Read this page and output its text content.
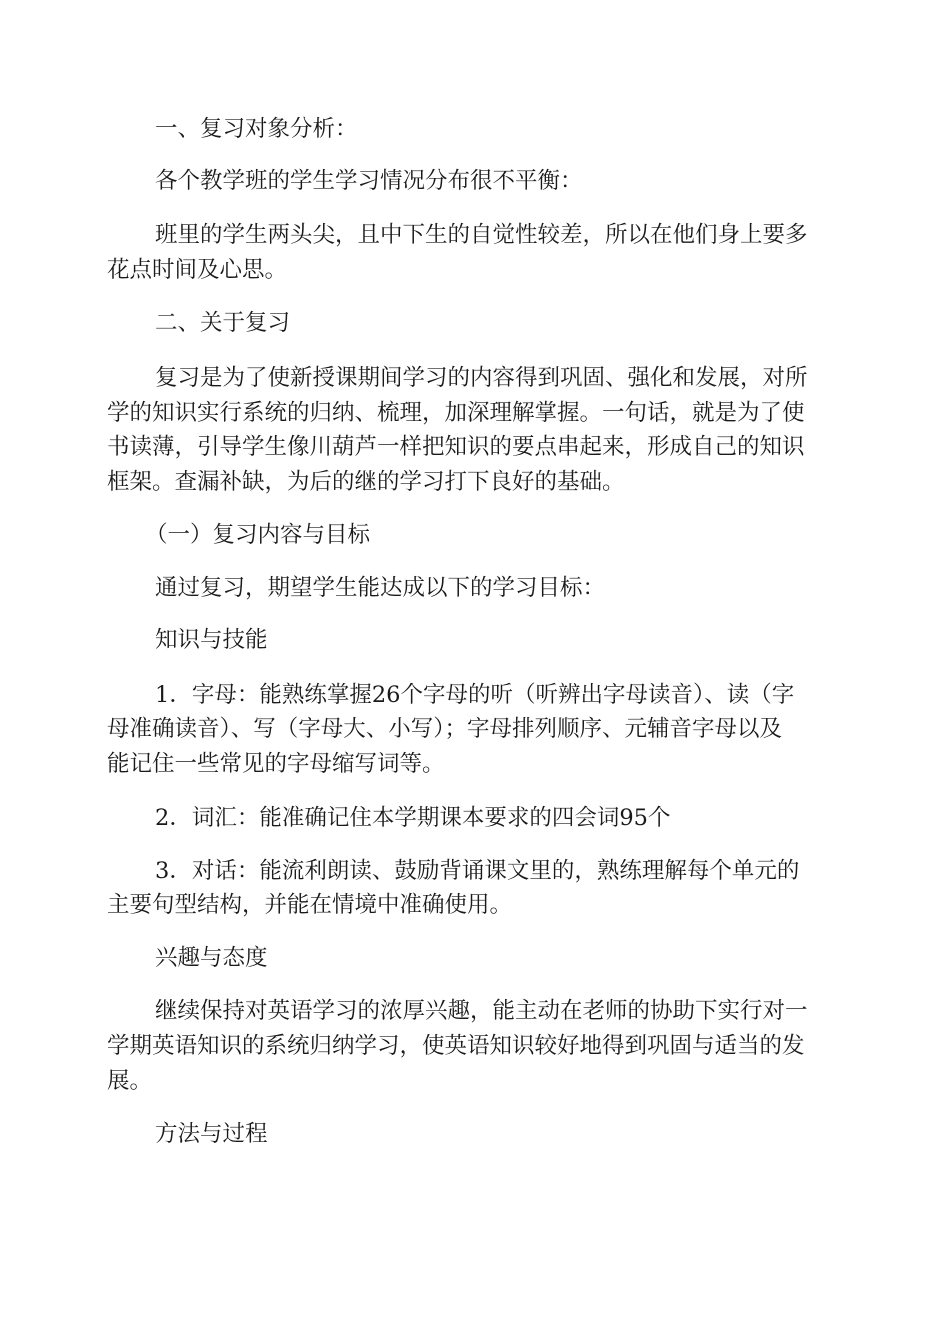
一、复习对象分析：
各个教学班的学生学习情况分布很不平衡：
班里的学生两头尖，且中下生的自觉性较差，所以在他们身上要多
花点时间及心思。
二、关于复习
复习是为了使新授课期间学习的内容得到巩固、强化和发展，对所
学的知识实行系统的归纳、梳理，加深理解掌握。一句话，就是为了使
书读薄，引导学生像川葫芦一样把知识的要点串起来，形成自己的知识
框架。查漏补缺，为后的继的学习打下良好的基础。
（一）复习内容与目标
通过复习，期望学生能达成以下的学习目标：
知识与技能
1．字母：能熟练掌握26个字母的听（听辨出字母读音）、读（字
母准确读音）、写（字母大、小写）；字母排列顺序、元辅音字母以及
能记住一些常见的字母缩写词等。
2．词汇：能准确记住本学期课本要求的四会词95个
3．对话：能流利朗读、鼓励背诵课文里的，熟练理解每个单元的
主要句型结构，并能在情境中准确使用。
兴趣与态度
继续保持对英语学习的浓厚兴趣，能主动在老师的协助下实行对一
学期英语知识的系统归纳学习，使英语知识较好地得到巩固与适当的发
展。
方法与过程
